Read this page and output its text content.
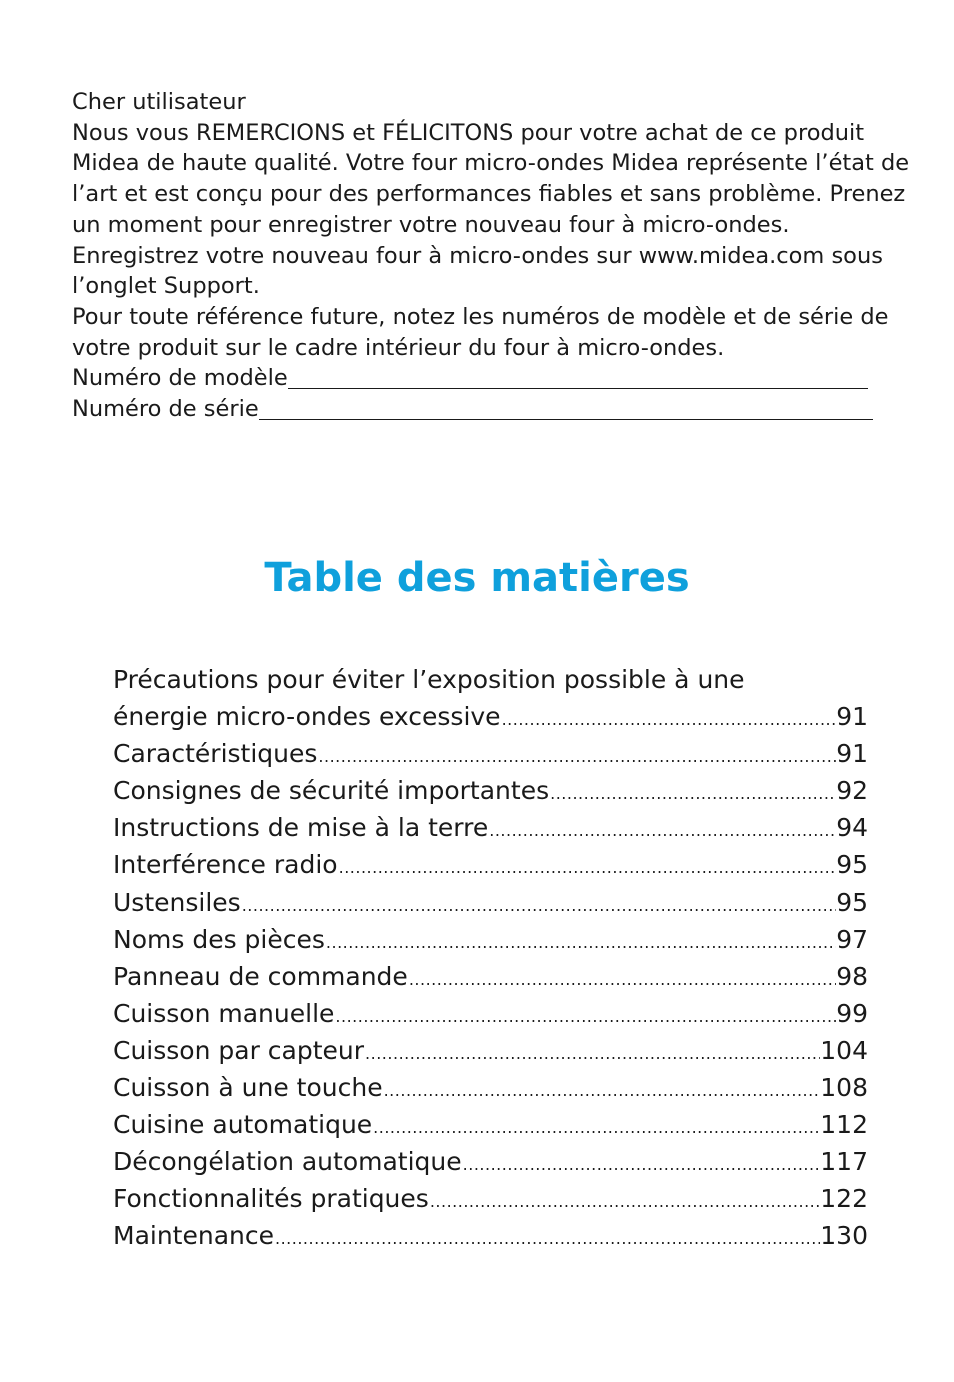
Cher utilisateur

Nous vous REMERCIONS et FÉLICITONS pour votre achat de ce produit Midea de haute qualité. Votre four micro-ondes Midea représente l’état de l’art et est conçu pour des performances fiables et sans problème. Prenez un moment pour enregistrer votre nouveau four à micro-ondes.

Enregistrez votre nouveau four à micro-ondes sur www.midea.com sous l’onglet Support.

Pour toute référence future, notez les numéros de modèle et de série de votre produit sur le cadre intérieur du four à micro-ondes.

Numéro de modèle
Numéro de série
Table des matières

Précautions pour éviter l’exposition possible à une

énergie micro-ondes excessive .....	91
Caractéristiques .....	91
Consignes de sécurité importantes .....	92
Instructions de mise à la terre .....	94
Interférence radio .....	95
Ustensiles .....	95
Noms des pièces .....	97
Panneau de commande .....	98
Cuisson manuelle .....	99
Cuisson par capteur .....	104
Cuisson à une touche .....	108
Cuisine automatique .....	112
Décongélation automatique .....	117
Fonctionnalités pratiques .....	122
Maintenance .....	130
